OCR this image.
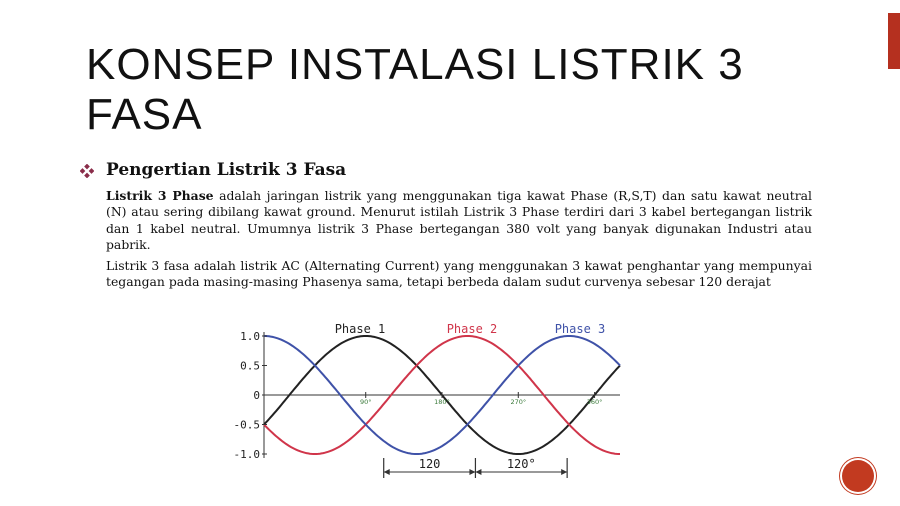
KONSEP INSTALASI LISTRIK 3 FASA
Pengertian Listrik 3 Fasa

Listrik 3 Phase adalah jaringan listrik yang menggunakan tiga kawat Phase (R,S,T) dan satu kawat neutral (N) atau sering dibilang kawat ground. Menurut istilah Listrik 3 Phase terdiri dari 3 kabel bertegangan listrik dan 1 kabel neutral. Umumnya listrik 3 Phase bertegangan 380 volt yang banyak digunakan Industri atau pabrik.

Listrik 3 fasa adalah listrik AC (Alternating Current) yang menggunakan 3 kawat penghantar yang mempunyai tegangan pada masing-masing Phasenya sama, tetapi berbeda dalam sudut curvenya sebesar 120 derajat

1.0
0.5
0
-0.5
-1.0
90°	180°	270°	360°
Phase 1	Phase 2	Phase 3
120	120°
